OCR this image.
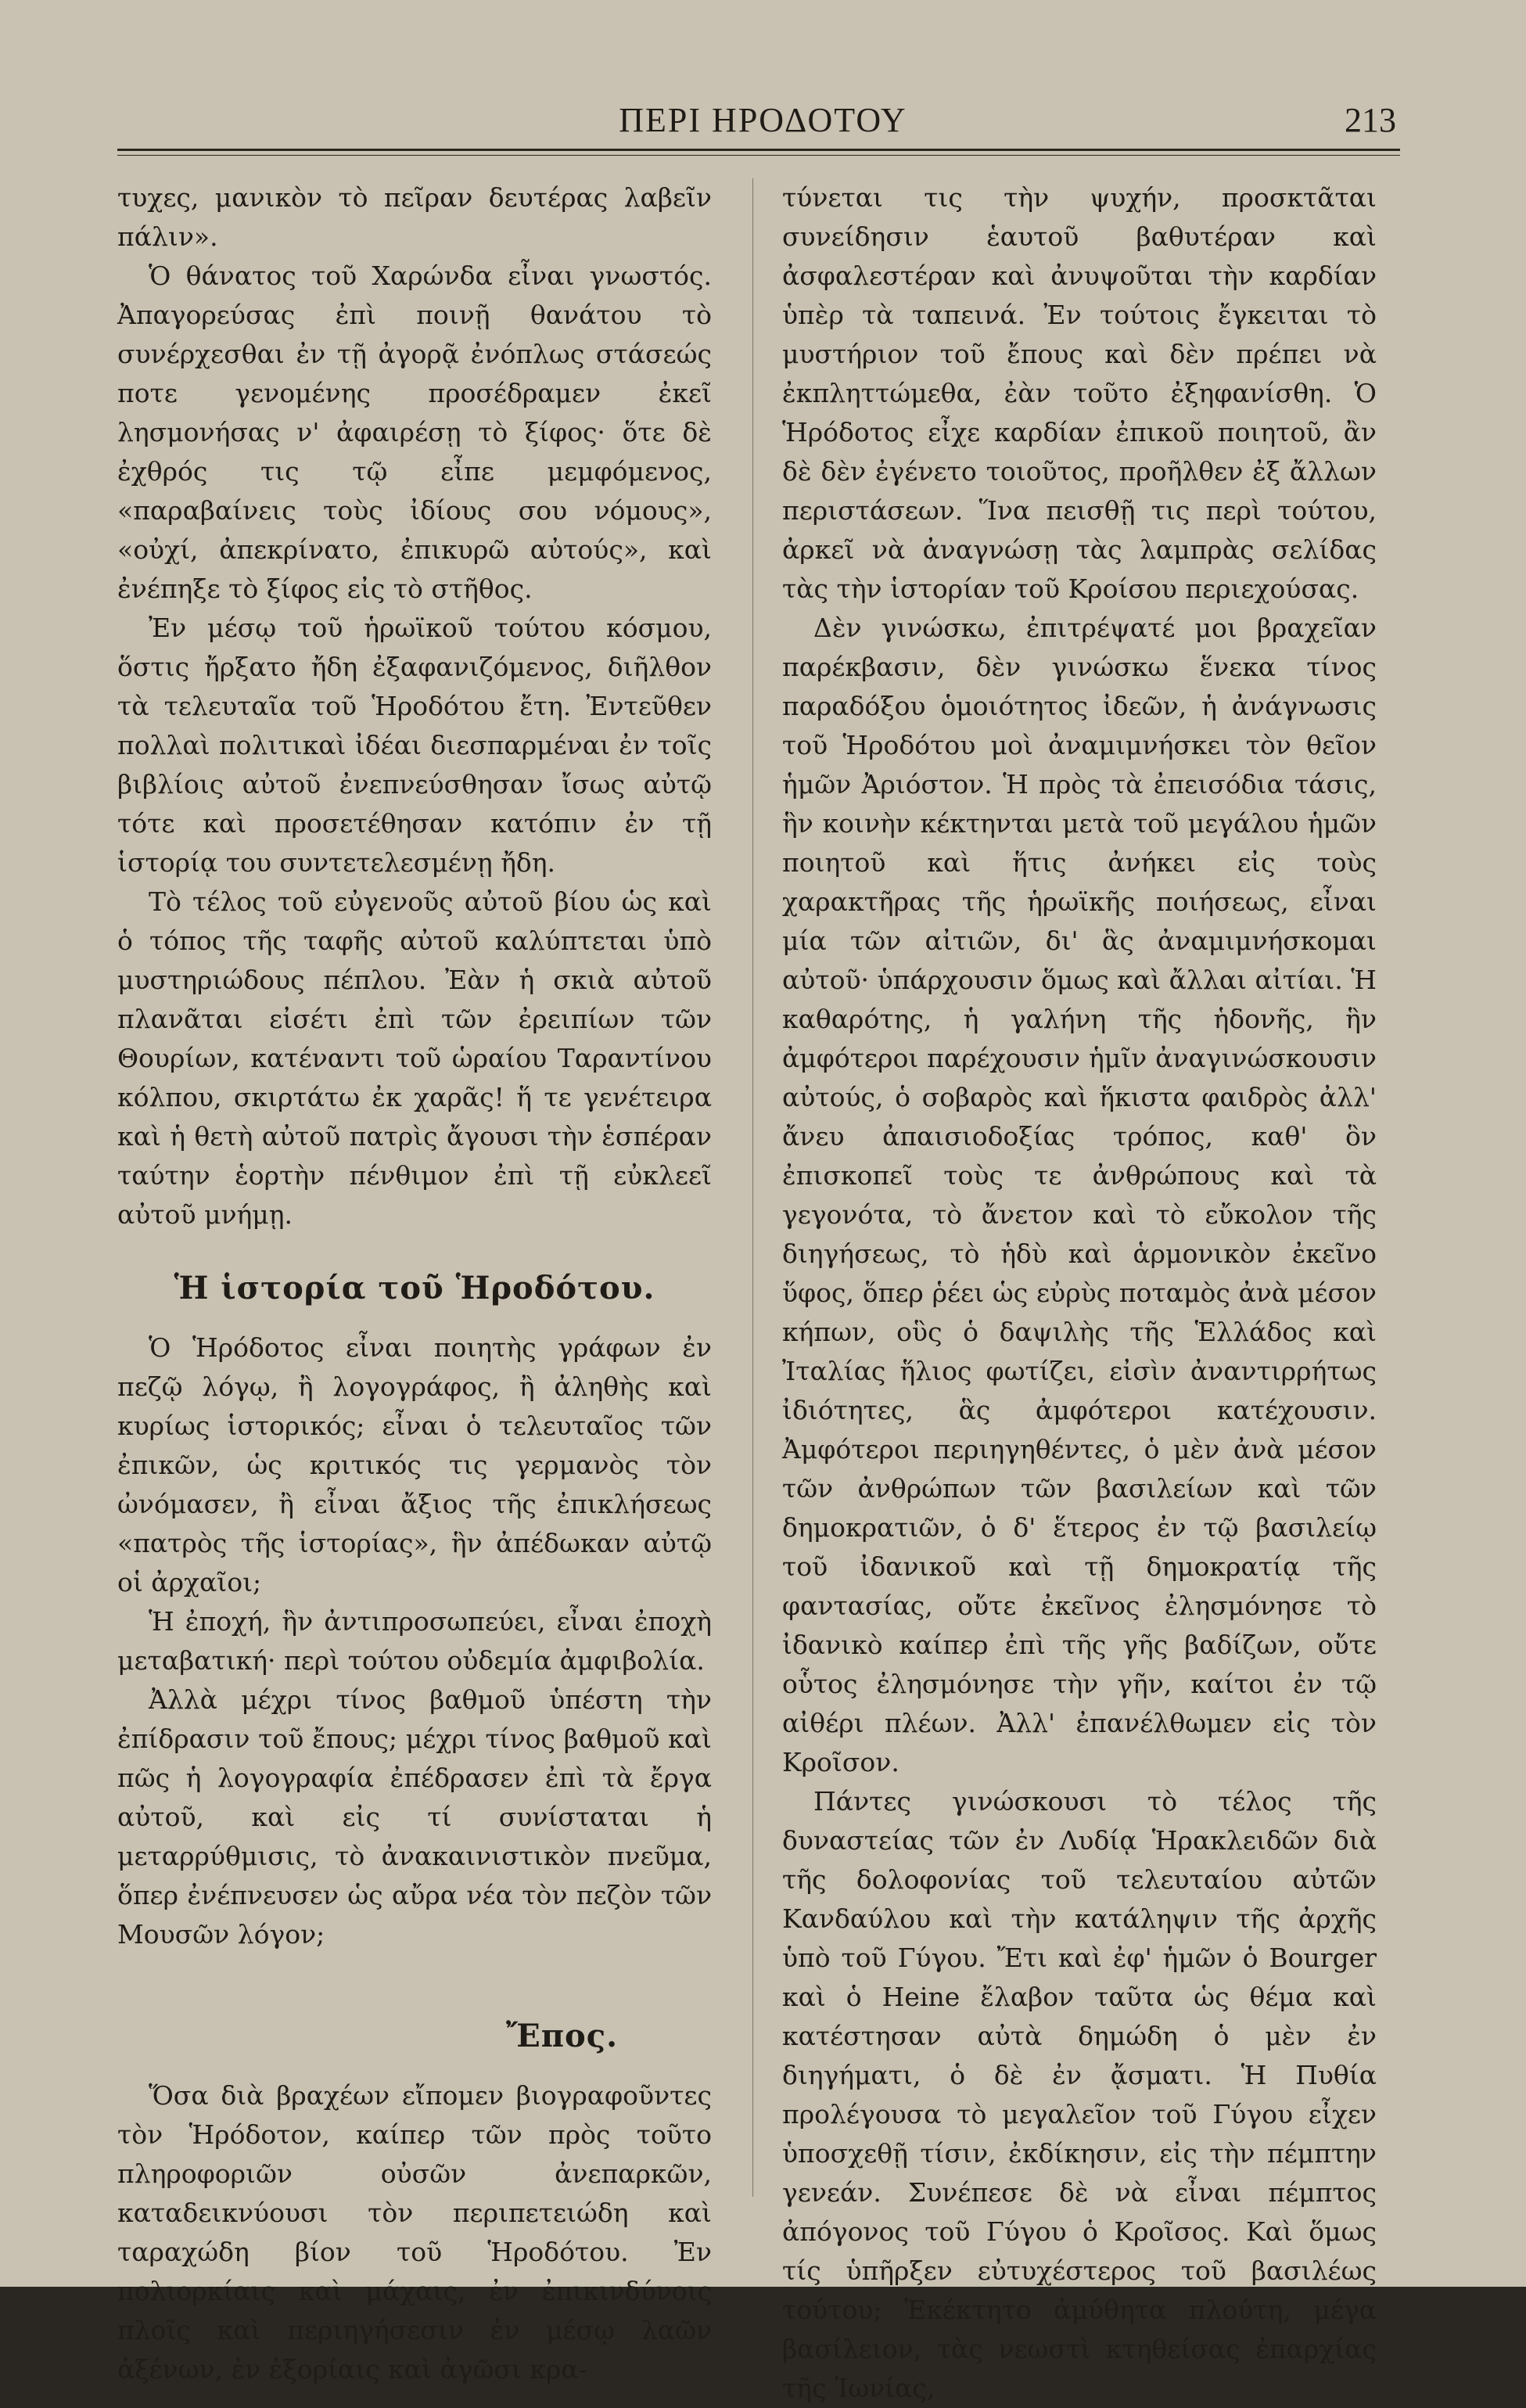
ΠΕΡΙ ΗΡΟΔΟΤΟΥ	213

τυχες, μανικὸν τὸ πεῖραν δευτέρας λαβεῖν πάλιν».

Ὁ θάνατος τοῦ Χαρώνδα εἶναι γνωστός. Ἀπαγορεύσας ἐπὶ ποινῇ θανάτου τὸ συνέρχεσθαι ἐν τῇ ἀγορᾷ ἐνόπλως στάσεώς ποτε γενομένης προσέδραμεν ἐκεῖ λησμονήσας ν' ἀφαιρέσῃ τὸ ξίφος· ὅτε δὲ ἐχθρός τις τῷ εἶπε μεμφόμενος, «παραβαίνεις τοὺς ἰδίους σου νόμους», «οὐχί, ἀπεκρίνατο, ἐπικυρῶ αὐτούς», καὶ ἐνέπηξε τὸ ξίφος εἰς τὸ στῆθος.

Ἐν μέσῳ τοῦ ἡρωϊκοῦ τούτου κόσμου, ὅστις ἤρξατο ἤδη ἐξαφανιζόμενος, διῆλθον τὰ τελευταῖα τοῦ Ἡροδότου ἔτη. Ἐντεῦθεν πολλαὶ πολιτικαὶ ἰδέαι διεσπαρμέναι ἐν τοῖς βιβλίοις αὐτοῦ ἐνεπνεύσθησαν ἴσως αὐτῷ τότε καὶ προσετέθησαν κατόπιν ἐν τῇ ἱστορίᾳ του συντετελεσμένῃ ἤδη.

Τὸ τέλος τοῦ εὐγενοῦς αὐτοῦ βίου ὡς καὶ ὁ τόπος τῆς ταφῆς αὐτοῦ καλύπτεται ὑπὸ μυστηριώδους πέπλου. Ἐὰν ἡ σκιὰ αὐτοῦ πλανᾶται εἰσέτι ἐπὶ τῶν ἐρειπίων τῶν Θουρίων, κατέναντι τοῦ ὡραίου Ταραντίνου κόλπου, σκιρτάτω ἐκ χαρᾶς! ἥ τε γενέτειρα καὶ ἡ θετὴ αὐτοῦ πατρὶς ἄγουσι τὴν ἑσπέραν ταύτην ἑορτὴν πένθιμον ἐπὶ τῇ εὐκλεεῖ αὐτοῦ μνήμῃ.

Ἡ ἱστορία τοῦ Ἡροδότου.

Ὁ Ἡρόδοτος εἶναι ποιητὴς γράφων ἐν πεζῷ λόγῳ, ἢ λογογράφος, ἢ ἀληθὴς καὶ κυρίως ἱστορικός; εἶναι ὁ τελευταῖος τῶν ἐπικῶν, ὡς κριτικός τις γερμανὸς τὸν ὠνόμασεν, ἢ εἶναι ἄξιος τῆς ἐπικλήσεως «πατρὸς τῆς ἱστορίας», ἣν ἀπέδωκαν αὐτῷ οἱ ἀρχαῖοι;

Ἡ ἐποχή, ἣν ἀντιπροσωπεύει, εἶναι ἐποχὴ μεταβατική· περὶ τούτου οὐδεμία ἀμφιβολία.

Ἀλλὰ μέχρι τίνος βαθμοῦ ὑπέστη τὴν ἐπίδρασιν τοῦ ἔπους; μέχρι τίνος βαθμοῦ καὶ πῶς ἡ λογογραφία ἐπέδρασεν ἐπὶ τὰ ἔργα αὐτοῦ, καὶ εἰς τί συνίσταται ἡ μεταρρύθμισις, τὸ ἀνακαινιστικὸν πνεῦμα, ὅπερ ἐνέπνευσεν ὡς αὔρα νέα τὸν πεζὸν τῶν Μουσῶν λόγον;

Ἔπος.

Ὅσα διὰ βραχέων εἴπομεν βιογραφοῦντες τὸν Ἡρόδοτον, καίπερ τῶν πρὸς τοῦτο πληροφοριῶν οὐσῶν ἀνεπαρκῶν, καταδεικνύουσι τὸν περιπετειώδη καὶ ταραχώδη βίον τοῦ Ἡροδότου. Ἐν πολιορκίαις καὶ μάχαις, ἐν ἐπικινδύνοις πλοῖς καὶ περιηγήσεσιν ἐν μέσῳ λαῶν ἀξένων, ἐν ἐξορίαις καὶ ἀγῶσι κρα-

τύνεται τις τὴν ψυχήν, προσκτᾶται συνείδησιν ἑαυτοῦ βαθυτέραν καὶ ἀσφαλεστέραν καὶ ἀνυψοῦται τὴν καρδίαν ὑπὲρ τὰ ταπεινά. Ἐν τούτοις ἔγκειται τὸ μυστήριον τοῦ ἔπους καὶ δὲν πρέπει νὰ ἐκπληττώμεθα, ἐὰν τοῦτο ἐξηφανίσθη. Ὁ Ἡρόδοτος εἶχε καρδίαν ἐπικοῦ ποιητοῦ, ἂν δὲ δὲν ἐγένετο τοιοῦτος, προῆλθεν ἐξ ἄλλων περιστάσεων. Ἵνα πεισθῇ τις περὶ τούτου, ἀρκεῖ νὰ ἀναγνώσῃ τὰς λαμπρὰς σελίδας τὰς τὴν ἱστορίαν τοῦ Κροίσου περιεχούσας.

Δὲν γινώσκω, ἐπιτρέψατέ μοι βραχεῖαν παρέκβασιν, δὲν γινώσκω ἕνεκα τίνος παραδόξου ὁμοιότητος ἰδεῶν, ἡ ἀνάγνωσις τοῦ Ἡροδότου μοὶ ἀναμιμνήσκει τὸν θεῖον ἡμῶν Ἀριόστον. Ἡ πρὸς τὰ ἐπεισόδια τάσις, ἣν κοινὴν κέκτηνται μετὰ τοῦ μεγάλου ἡμῶν ποιητοῦ καὶ ἥτις ἀνήκει εἰς τοὺς χαρακτῆρας τῆς ἡρωϊκῆς ποιήσεως, εἶναι μία τῶν αἰτιῶν, δι' ἃς ἀναμιμνήσκομαι αὐτοῦ· ὑπάρχουσιν ὅμως καὶ ἄλλαι αἰτίαι. Ἡ καθαρότης, ἡ γαλήνη τῆς ἡδονῆς, ἣν ἀμφότεροι παρέχουσιν ἡμῖν ἀναγινώσκουσιν αὐτούς, ὁ σοβαρὸς καὶ ἥκιστα φαιδρὸς ἀλλ' ἄνευ ἀπαισιοδοξίας τρόπος, καθ' ὃν ἐπισκοπεῖ τοὺς τε ἀνθρώπους καὶ τὰ γεγονότα, τὸ ἄνετον καὶ τὸ εὔκολον τῆς διηγήσεως, τὸ ἡδὺ καὶ ἁρμονικὸν ἐκεῖνο ὕφος, ὅπερ ῥέει ὡς εὐρὺς ποταμὸς ἀνὰ μέσον κήπων, οὓς ὁ δαψιλὴς τῆς Ἑλλάδος καὶ Ἰταλίας ἥλιος φωτίζει, εἰσὶν ἀναντιρρήτως ἰδιότητες, ἃς ἀμφότεροι κατέχουσιν. Ἀμφότεροι περιηγηθέντες, ὁ μὲν ἀνὰ μέσον τῶν ἀνθρώπων τῶν βασιλείων καὶ τῶν δημοκρατιῶν, ὁ δ' ἕτερος ἐν τῷ βασιλείῳ τοῦ ἰδανικοῦ καὶ τῇ δημοκρατίᾳ τῆς φαντασίας, οὔτε ἐκεῖνος ἐλησμόνησε τὸ ἰδανικὸ καίπερ ἐπὶ τῆς γῆς βαδίζων, οὔτε οὗτος ἐλησμόνησε τὴν γῆν, καίτοι ἐν τῷ αἰθέρι πλέων. Ἀλλ' ἐπανέλθωμεν εἰς τὸν Κροῖσον.

Πάντες γινώσκουσι τὸ τέλος τῆς δυναστείας τῶν ἐν Λυδίᾳ Ἡρακλειδῶν διὰ τῆς δολοφονίας τοῦ τελευταίου αὐτῶν Κανδαύλου καὶ τὴν κατάληψιν τῆς ἀρχῆς ὑπὸ τοῦ Γύγου. Ἔτι καὶ ἐφ' ἡμῶν ὁ Bourger καὶ ὁ Heine ἔλαβον ταῦτα ὡς θέμα καὶ κατέστησαν αὐτὰ δημώδη ὁ μὲν ἐν διηγήματι, ὁ δὲ ἐν ᾄσματι. Ἡ Πυθία προλέγουσα τὸ μεγαλεῖον τοῦ Γύγου εἶχεν ὑποσχεθῇ τίσιν, ἐκδίκησιν, εἰς τὴν πέμπτην γενεάν. Συνέπεσε δὲ νὰ εἶναι πέμπτος ἀπόγονος τοῦ Γύγου ὁ Κροῖσος. Καὶ ὅμως τίς ὑπῆρξεν εὐτυχέστερος τοῦ βασιλέως τούτου; Ἐκέκτητο ἀμύθητα πλούτη, μέγα βασίλειον, τὰς νεωστὶ κτηθείσας ἐπαρχίας τῆς Ἰωνίας,
